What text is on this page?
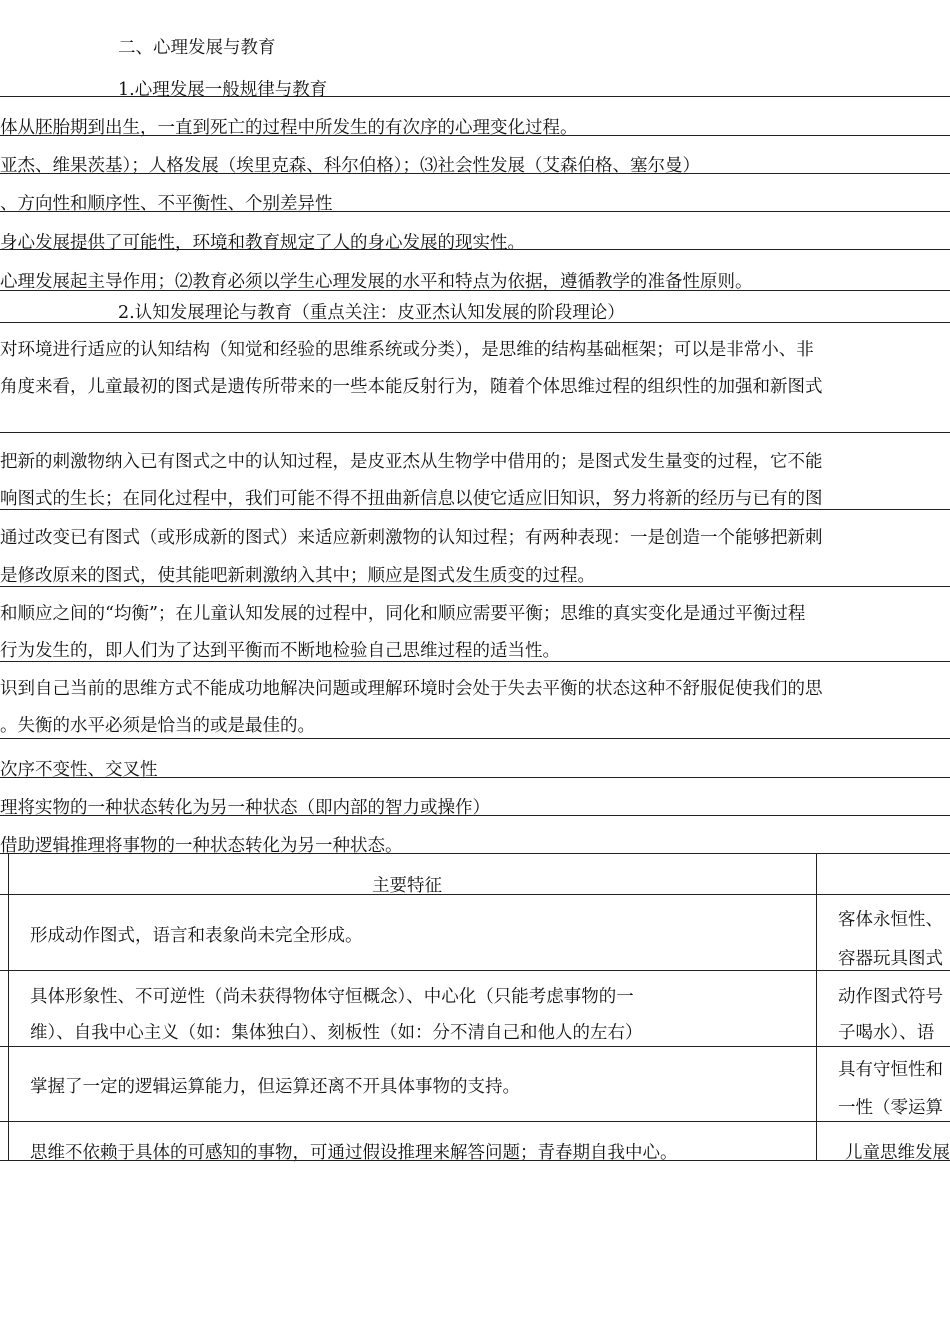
二、心理发展与教育
1.心理发展一般规律与教育
体从胚胎期到出生，一直到死亡的过程中所发生的有次序的心理变化过程。
亚杰、维果茨基）；人格发展（埃里克森、科尔伯格）；⑶社会性发展（艾森伯格、塞尔曼）
、方向性和顺序性、不平衡性、个别差异性
身心发展提供了可能性，环境和教育规定了人的身心发展的现实性。
心理发展起主导作用；⑵教育必须以学生心理发展的水平和特点为依据，遵循教学的准备性原则。
2.认知发展理论与教育（重点关注：皮亚杰认知发展的阶段理论）
对环境进行适应的认知结构（知觉和经验的思维系统或分类），是思维的结构基础框架；可以是非常小、非
角度来看，儿童最初的图式是遗传所带来的一些本能反射行为，随着个体思维过程的组织性的加强和新图式
把新的刺激物纳入已有图式之中的认知过程，是皮亚杰从生物学中借用的；是图式发生量变的过程，它不能
响图式的生长；在同化过程中，我们可能不得不扭曲新信息以使它适应旧知识，努力将新的经历与已有的图
通过改变已有图式（或形成新的图式）来适应新刺激物的认知过程；有两种表现：一是创造一个能够把新刺
是修改原来的图式，使其能吧新刺激纳入其中；顺应是图式发生质变的过程。
和顺应之间的“均衡”；在儿童认知发展的过程中，同化和顺应需要平衡；思维的真实变化是通过平衡过程
行为发生的，即人们为了达到平衡而不断地检验自己思维过程的适当性。
识到自己当前的思维方式不能成功地解决问题或理解环境时会处于失去平衡的状态这种不舒服促使我们的思
。失衡的水平必须是恰当的或是最佳的。
次序不变性、交叉性
理将实物的一种状态转化为另一种状态（即内部的智力或操作）
借助逻辑推理将事物的一种状态转化为另一种状态。
主要特征
形成动作图式，语言和表象尚未完全形成。
客体永恒性、
容器玩具图式
具体形象性、不可逆性（尚未获得物体守恒概念）、中心化（只能考虑事物的一
维）、自我中心主义（如：集体独白）、刻板性（如：分不清自己和他人的左右）
动作图式符号
子喝水）、语
掌握了一定的逻辑运算能力，但运算还离不开具体事物的支持。
具有守恒性和
一性（零运算
思维不依赖于具体的可感知的事物，可通过假设推理来解答问题；青春期自我中心。	儿童思维发展
